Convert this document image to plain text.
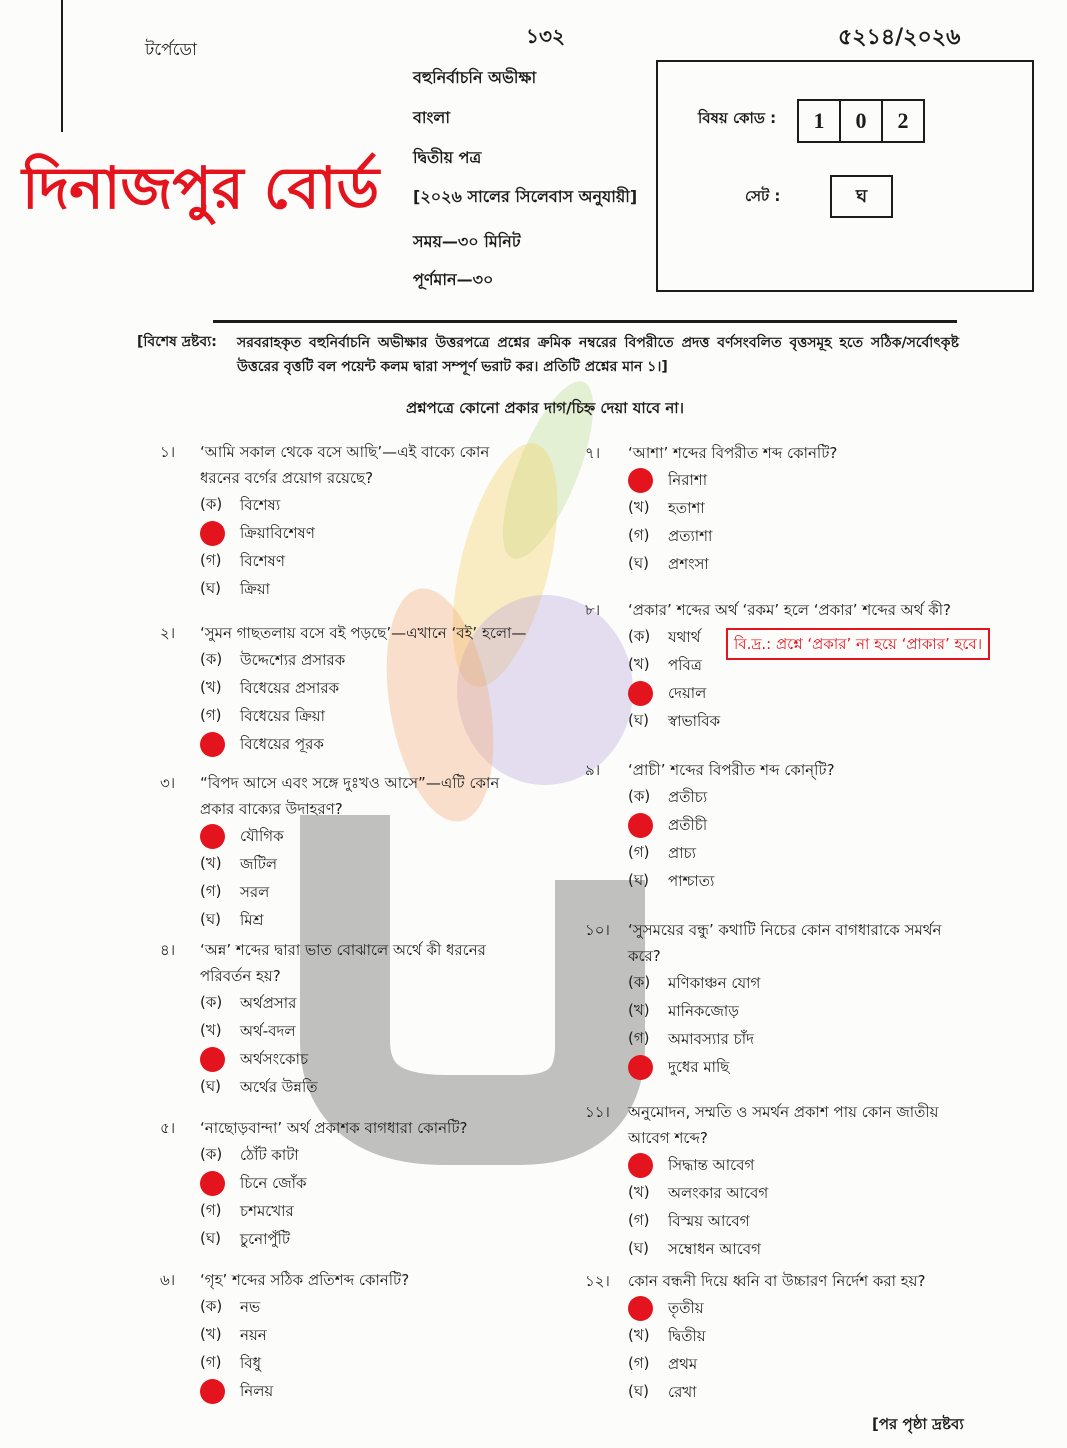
টর্পেডো
১৩২	৫২১৪/২০২৬
দিনাজপুর বোর্ড
বহুনির্বাচনি অভীক্ষা
বাংলা
দ্বিতীয় পত্র
[২০২৬ সালের সিলেবাস অনুযায়ী]
সময়—৩০ মিনিট
পূর্ণমান—৩০
বিষয় কোড :	1	0	2
সেট :	ঘ
[বিশেষ দ্রষ্টব্য: সরবরাহকৃত বহুনির্বাচনি অভীক্ষার উত্তরপত্রে প্রশ্নের ক্রমিক নম্বরের বিপরীতে প্রদত্ত বর্ণসংবলিত বৃত্তসমূহ হতে সঠিক/সর্বোৎকৃষ্ট উত্তরের বৃত্তটি বল পয়েন্ট কলম দ্বারা সম্পূর্ণ ভরাট কর। প্রতিটি প্রশ্নের মান ১।]
প্রশ্নপত্রে কোনো প্রকার দাগ/চিহ্ন দেয়া যাবে না।
১।	‘আমি সকাল থেকে বসে আছি’—এই বাক্যে কোন ধরনের বর্গের প্রয়োগ রয়েছে?
(ক) বিশেষ্য
ক্রিয়াবিশেষণ
(গ) বিশেষণ
(ঘ) ক্রিয়া
২।	‘সুমন গাছতলায় বসে বই পড়ছে’—এখানে ‘বই’ হলো—
(ক) উদ্দেশ্যের প্রসারক
(খ) বিধেয়ের প্রসারক
(গ) বিধেয়ের ক্রিয়া
বিধেয়ের পূরক
৩।	“বিপদ আসে এবং সঙ্গে দুঃখও আসে”—এটি কোন প্রকার বাক্যের উদাহরণ?
যৌগিক
(খ) জটিল
(গ) সরল
(ঘ) মিশ্র
৪।	‘অন্ন’ শব্দের দ্বারা ভাত বোঝালে অর্থে কী ধরনের পরিবর্তন হয়?
(ক) অর্থপ্রসার
(খ) অর্থ-বদল
অর্থসংকোচ
(ঘ) অর্থের উন্নতি
৫।	‘নাছোড়বান্দা’ অর্থ প্রকাশক বাগধারা কোনটি?
(ক) ঠোঁট কাটা
চিনে জোঁক
(গ) চশমখোর
(ঘ) চুনোপুঁটি
৬।	‘গৃহ’ শব্দের সঠিক প্রতিশব্দ কোনটি?
(ক) নভ
(খ) নয়ন
(গ) বিধু
নিলয়
৭।	‘আশা’ শব্দের বিপরীত শব্দ কোনটি?
নিরাশা
(খ) হতাশা
(গ) প্রত্যাশা
(ঘ) প্রশংসা
৮।	‘প্রকার’ শব্দের অর্থ ‘রকম’ হলে ‘প্রকার’ শব্দের অর্থ কী?
(ক) যথার্থ
(খ) পবিত্র
দেয়াল
(ঘ) স্বাভাবিক
বি.দ্র.: প্রশ্নে ‘প্রকার’ না হয়ে ‘প্রাকার’ হবে।
৯।	‘প্রাচী’ শব্দের বিপরীত শব্দ কোন্‌টি?
(ক) প্রতীচ্য
প্রতীচী
(গ) প্রাচ্য
(ঘ) পাশ্চাত্য
১০।	‘সুসময়ের বন্ধু’ কথাটি নিচের কোন বাগধারাকে সমর্থন করে?
(ক) মণিকাঞ্চন যোগ
(খ) মানিকজোড়
(গ) অমাবস্যার চাঁদ
দুধের মাছি
১১।	অনুমোদন, সম্মতি ও সমর্থন প্রকাশ পায় কোন জাতীয় আবেগ শব্দে?
সিদ্ধান্ত আবেগ
(খ) অলংকার আবেগ
(গ) বিস্ময় আবেগ
(ঘ) সম্বোধন আবেগ
১২।	কোন বন্ধনী দিয়ে ধ্বনি বা উচ্চারণ নির্দেশ করা হয়?
তৃতীয়
(খ) দ্বিতীয়
(গ) প্রথম
(ঘ) রেখা
[পর পৃষ্ঠা দ্রষ্টব্য
